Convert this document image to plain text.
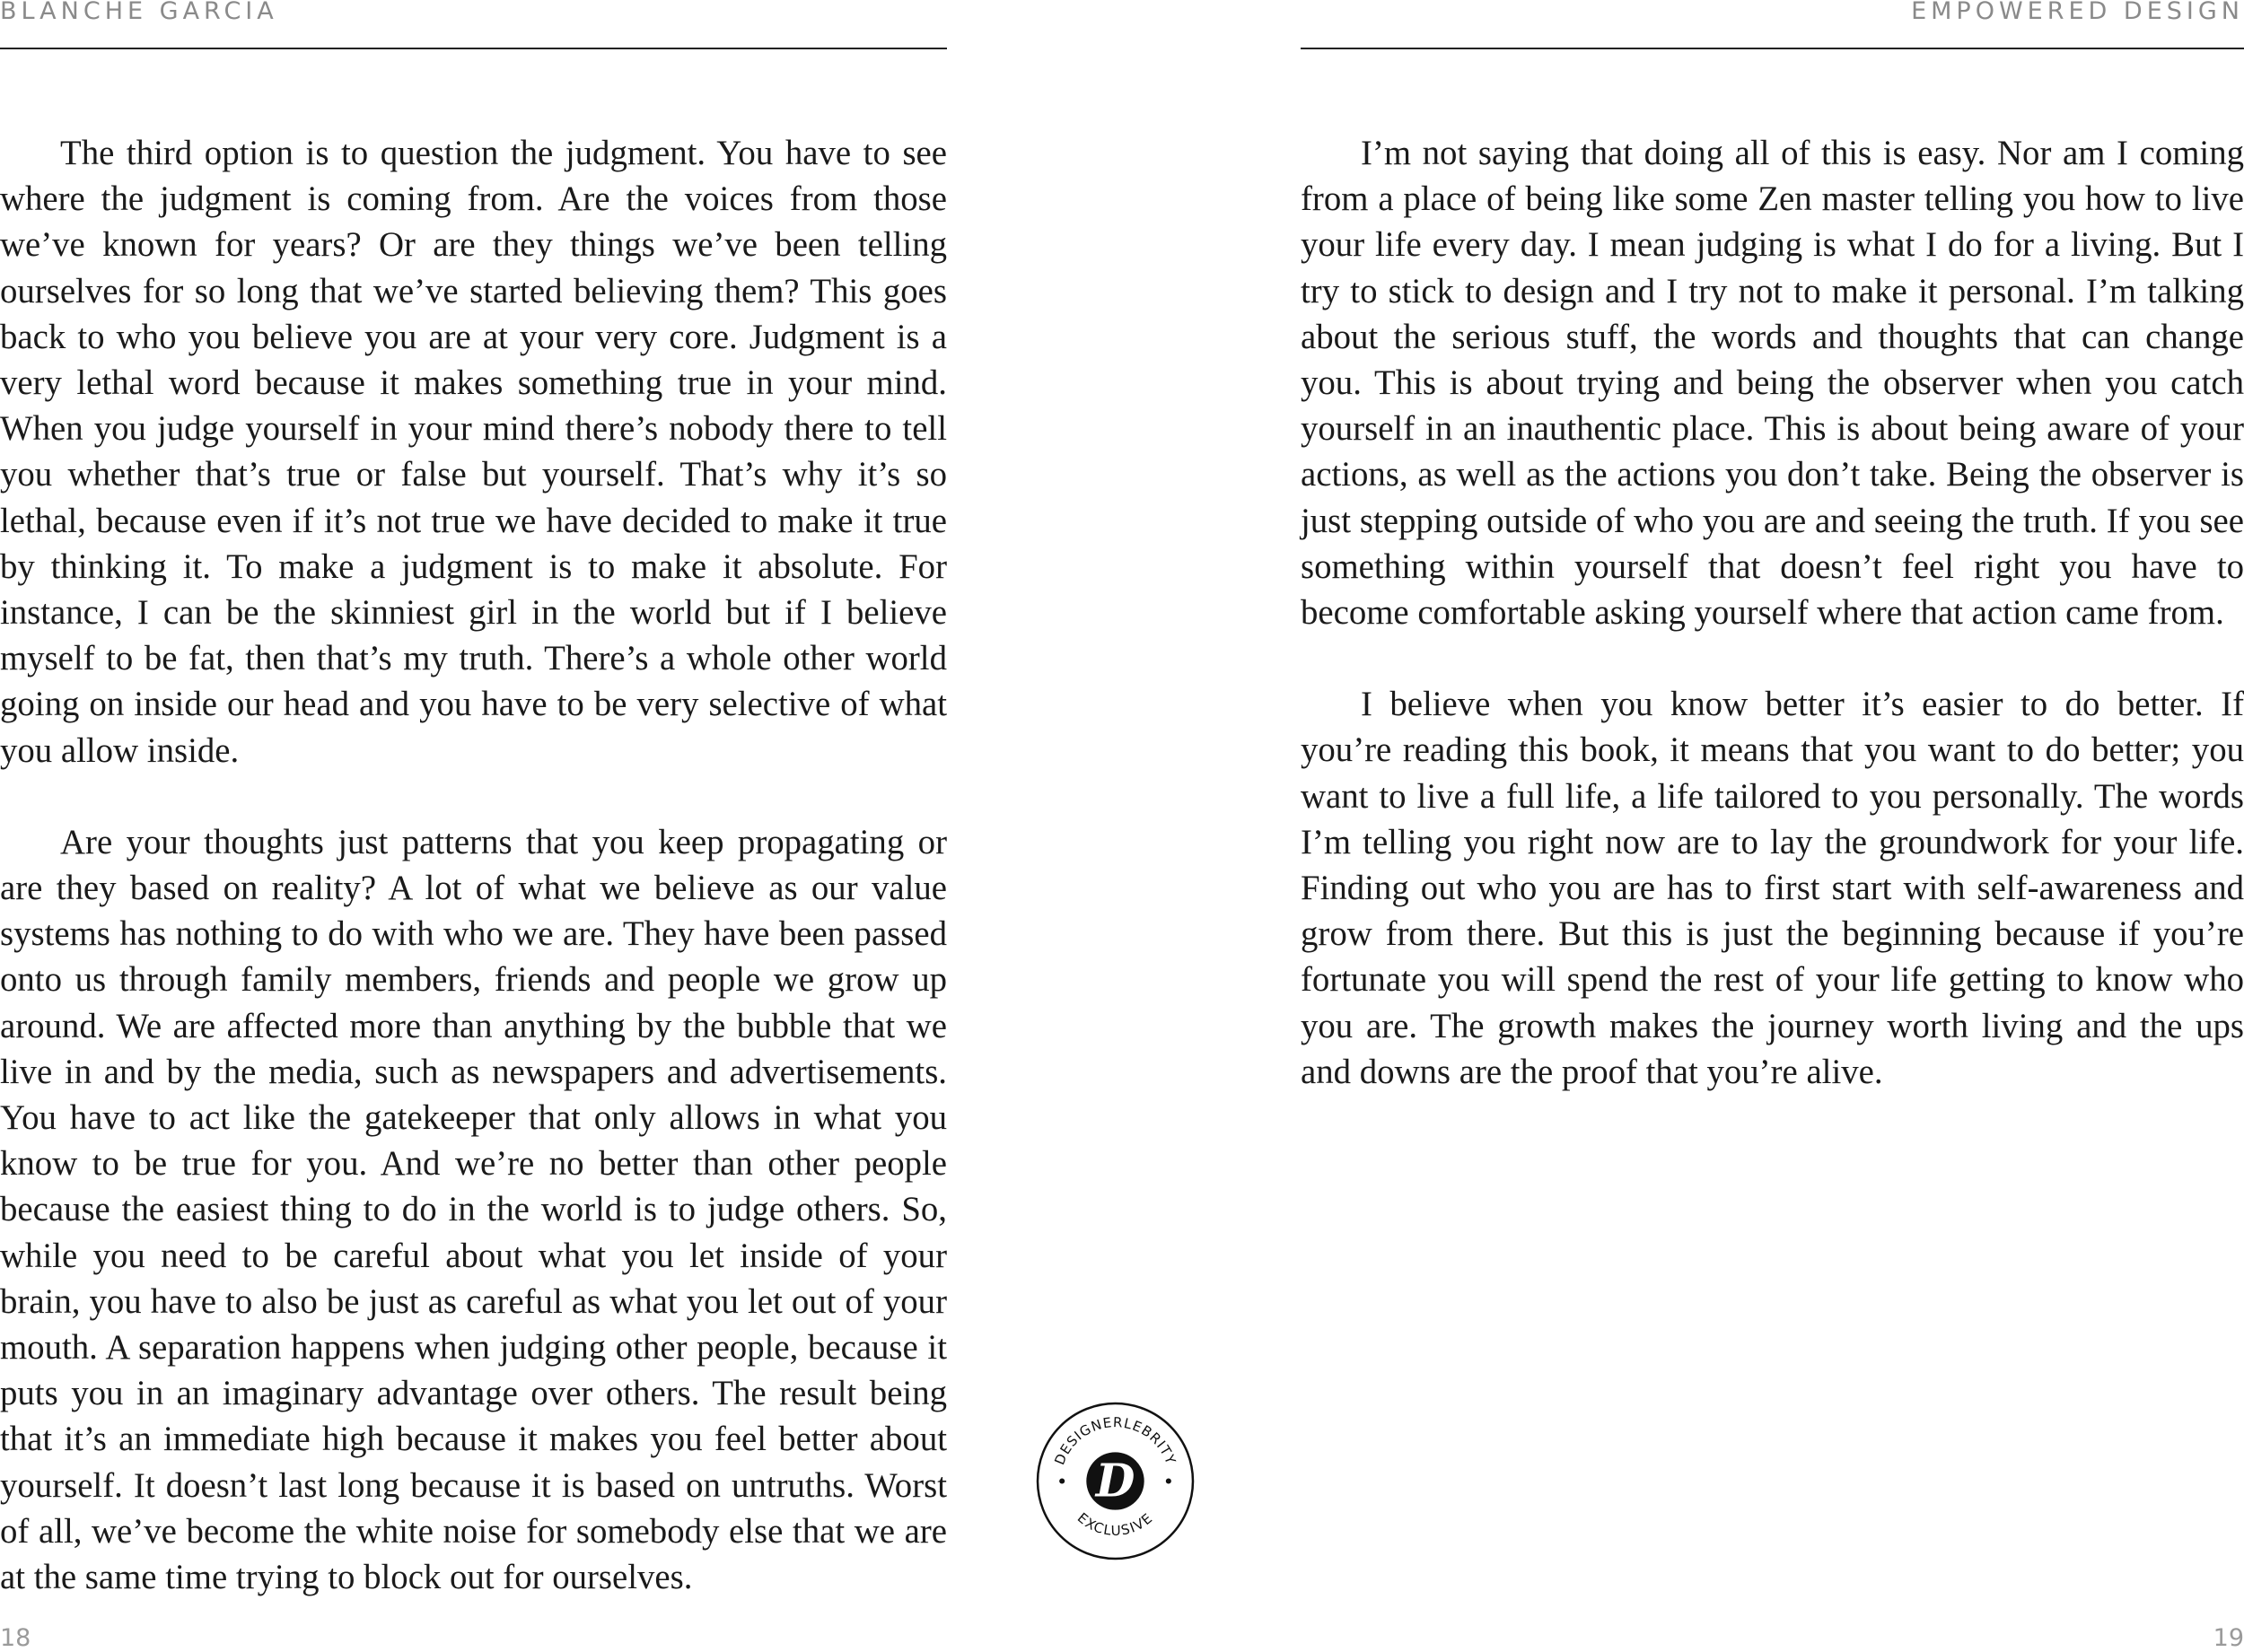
BLANCHE GARCIA

The third option is to question the judgment. You have to see where the judgment is coming from. Are the voices from those we’ve known for years? Or are they things we’ve been telling ourselves for so long that we’ve started believing them? This goes back to who you believe you are at your very core. Judgment is a very lethal word because it makes something true in your mind. When you judge yourself in your mind there’s nobody there to tell you whether that’s true or false but yourself. That’s why it’s so lethal, because even if it’s not true we have decided to make it true by thinking it. To make a judgment is to make it absolute. For instance, I can be the skinniest girl in the world but if I believe myself to be fat, then that’s my truth. There’s a whole other world going on inside our head and you have to be very selective of what you allow inside.

Are your thoughts just patterns that you keep propagating or are they based on reality? A lot of what we believe as our value systems has nothing to do with who we are. They have been passed onto us through family members, friends and people we grow up around. We are affected more than anything by the bubble that we live in and by the media, such as newspapers and advertisements. You have to act like the gatekeeper that only allows in what you know to be true for you. And we’re no better than other people because the easiest thing to do in the world is to judge others. So, while you need to be careful about what you let inside of your brain, you have to also be just as careful as what you let out of your mouth. A separation happens when judging other people, because it puts you in an imaginary advantage over others. The result being that it’s an immediate high because it makes you feel better about yourself. It doesn’t last long because it is based on untruths. Worst of all, we’ve become the white noise for somebody else that we are at the same time trying to block out for ourselves.

18
EMPOWERED DESIGN

I’m not saying that doing all of this is easy. Nor am I coming from a place of being like some Zen master telling you how to live your life every day. I mean judging is what I do for a living. But I try to stick to design and I try not to make it personal. I’m talking about the serious stuff, the words and thoughts that can change you. This is about trying and being the observer when you catch yourself in an inauthentic place. This is about being aware of your actions, as well as the actions you don’t take. Being the observer is just stepping outside of who you are and seeing the truth. If you see something within yourself that doesn’t feel right you have to become comfortable asking yourself where that action came from.

I believe when you know better it’s easier to do better. If you’re reading this book, it means that you want to do better; you want to live a full life, a life tailored to you personally. The words I’m telling you right now are to lay the groundwork for your life. Finding out who you are has to first start with self-awareness and grow from there. But this is just the beginning because if you’re fortunate you will spend the rest of your life getting to know who you are. The growth makes the journey worth living and the ups and downs are the proof that you’re alive.

19
D
DESIGNERLEBRITY
EXCLUSIVE
